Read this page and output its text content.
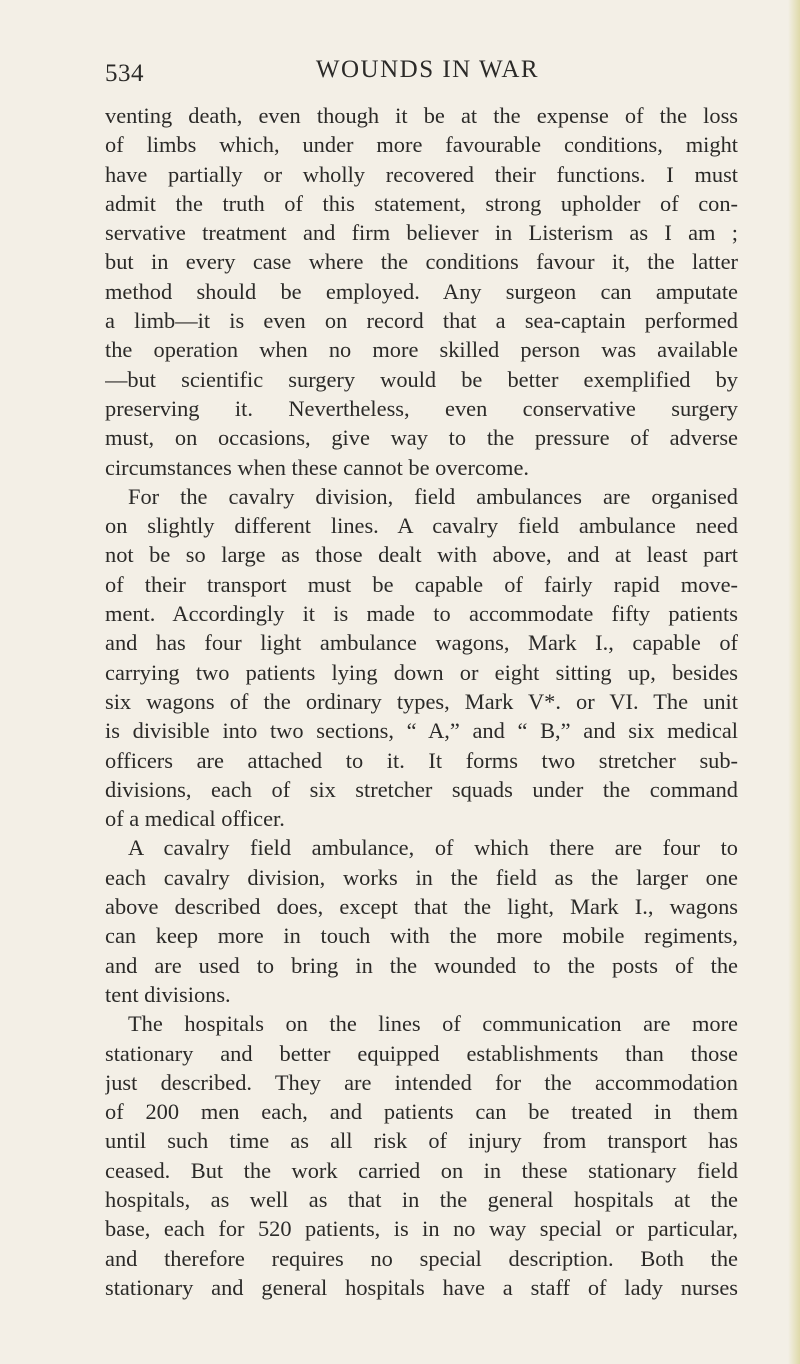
534	WOUNDS IN WAR
venting death, even though it be at the expense of the loss
of limbs which, under more favourable conditions, might
have partially or wholly recovered their functions. I must
admit the truth of this statement, strong upholder of con-
servative treatment and firm believer in Listerism as I am ;
but in every case where the conditions favour it, the latter
method should be employed. Any surgeon can amputate
a limb—it is even on record that a sea-captain performed
the operation when no more skilled person was available
—but scientific surgery would be better exemplified by
preserving it. Nevertheless, even conservative surgery
must, on occasions, give way to the pressure of adverse
circumstances when these cannot be overcome.
For the cavalry division, field ambulances are organised
on slightly different lines. A cavalry field ambulance need
not be so large as those dealt with above, and at least part
of their transport must be capable of fairly rapid move-
ment. Accordingly it is made to accommodate fifty patients
and has four light ambulance wagons, Mark I., capable of
carrying two patients lying down or eight sitting up, besides
six wagons of the ordinary types, Mark V*. or VI. The unit
is divisible into two sections, “ A,” and “ B,” and six medical
officers are attached to it. It forms two stretcher sub-
divisions, each of six stretcher squads under the command
of a medical officer.
A cavalry field ambulance, of which there are four to
each cavalry division, works in the field as the larger one
above described does, except that the light, Mark I., wagons
can keep more in touch with the more mobile regiments,
and are used to bring in the wounded to the posts of the
tent divisions.
The hospitals on the lines of communication are more
stationary and better equipped establishments than those
just described. They are intended for the accommodation
of 200 men each, and patients can be treated in them
until such time as all risk of injury from transport has
ceased. But the work carried on in these stationary field
hospitals, as well as that in the general hospitals at the
base, each for 520 patients, is in no way special or particular,
and therefore requires no special description. Both the
stationary and general hospitals have a staff of lady nurses
